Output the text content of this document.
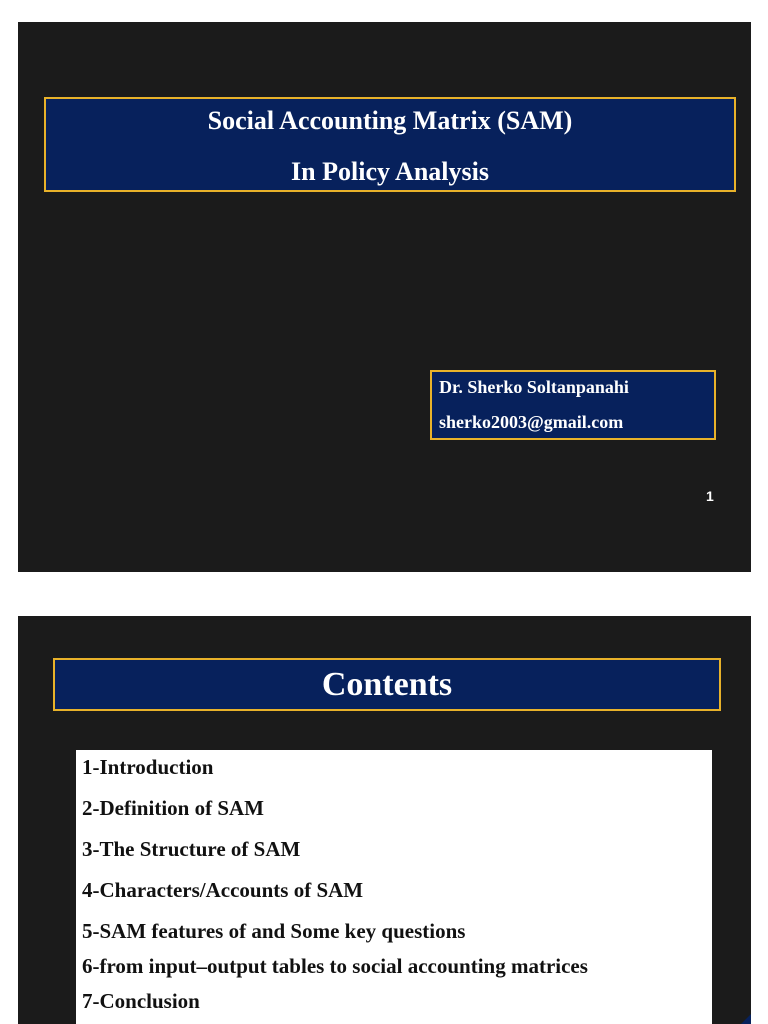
Social Accounting Matrix (SAM)
In Policy Analysis
Dr. Sherko Soltanpanahi
sherko2003@gmail.com
1
Contents
1-Introduction
2-Definition of SAM
3-The Structure of SAM
4-Characters/Accounts of SAM
5-SAM features of and Some key questions
6-from input–output tables to social accounting matrices
7-Conclusion
